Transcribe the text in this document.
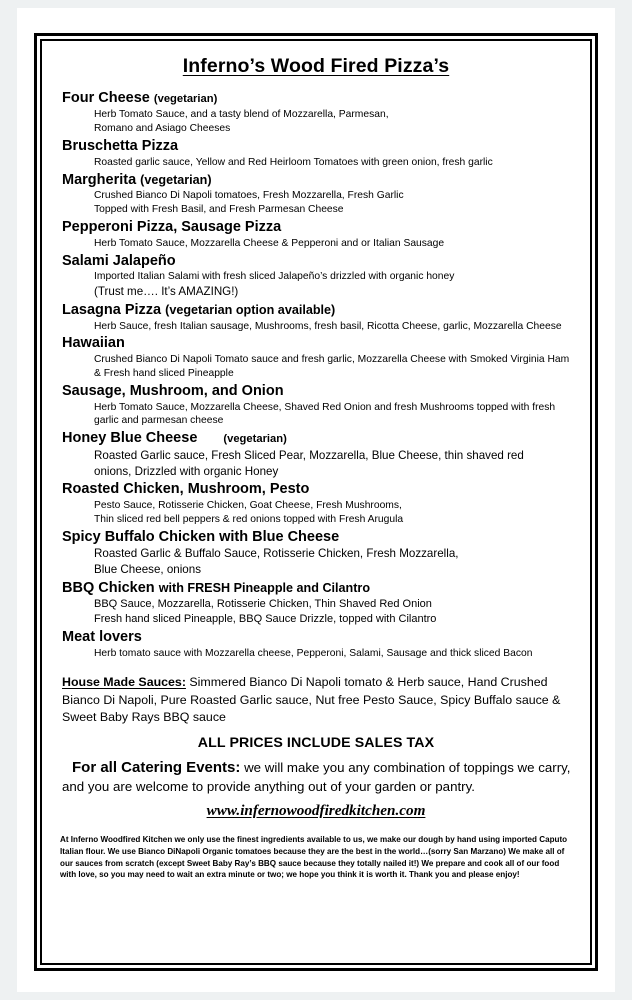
Inferno’s Wood Fired Pizza’s
Four Cheese (vegetarian)
Herb Tomato Sauce, and a tasty blend of Mozzarella, Parmesan,
Romano and Asiago Cheeses
Bruschetta Pizza
Roasted garlic sauce, Yellow and Red Heirloom Tomatoes with green onion, fresh garlic
Margherita (vegetarian)
Crushed Bianco Di Napoli tomatoes, Fresh Mozzarella, Fresh Garlic
Topped with Fresh Basil, and Fresh Parmesan Cheese
Pepperoni Pizza, Sausage Pizza
Herb Tomato Sauce, Mozzarella Cheese & Pepperoni and or Italian Sausage
Salami Jalapeño
Imported Italian Salami with fresh sliced Jalapeño’s drizzled with organic honey
(Trust me…. It’s AMAZING!)
Lasagna Pizza (vegetarian option available)
Herb Sauce, fresh Italian sausage, Mushrooms, fresh basil, Ricotta Cheese, garlic, Mozzarella Cheese
Hawaiian
Crushed Bianco Di Napoli Tomato sauce and fresh garlic, Mozzarella Cheese with Smoked Virginia Ham
& Fresh hand sliced Pineapple
Sausage, Mushroom, and Onion
Herb Tomato Sauce, Mozzarella Cheese, Shaved Red Onion and fresh Mushrooms topped with fresh
garlic and parmesan cheese
Honey Blue Cheese (vegetarian)
Roasted Garlic sauce, Fresh Sliced Pear, Mozzarella, Blue Cheese, thin shaved red
onions, Drizzled with organic Honey
Roasted Chicken, Mushroom, Pesto
Pesto Sauce, Rotisserie Chicken, Goat Cheese, Fresh Mushrooms,
Thin sliced red bell peppers & red onions topped with Fresh Arugula
Spicy Buffalo Chicken with Blue Cheese
Roasted Garlic & Buffalo Sauce, Rotisserie Chicken, Fresh Mozzarella,
Blue Cheese, onions
BBQ Chicken with FRESH Pineapple and Cilantro
BBQ Sauce, Mozzarella, Rotisserie Chicken, Thin Shaved Red Onion
Fresh hand sliced Pineapple, BBQ Sauce Drizzle, topped with Cilantro
Meat lovers
Herb tomato sauce with Mozzarella cheese, Pepperoni, Salami, Sausage and thick sliced Bacon
House Made Sauces: Simmered Bianco Di Napoli tomato & Herb sauce, Hand Crushed Bianco Di Napoli, Pure Roasted Garlic sauce, Nut free Pesto Sauce, Spicy Buffalo sauce & Sweet Baby Rays BBQ sauce
ALL PRICES INCLUDE SALES TAX
For all Catering Events: we will make you any combination of toppings we carry, and you are welcome to provide anything out of your garden or pantry.
www.infernowoodfiredkitchen.com
At Inferno Woodfired Kitchen we only use the finest ingredients available to us, we make our dough by hand using imported Caputo Italian flour. We use Bianco DiNapoli Organic tomatoes because they are the best in the world…(sorry San Marzano) We make all of our sauces from scratch (except Sweet Baby Ray’s BBQ sauce because they totally nailed it!) We prepare and cook all of our food with love, so you may need to wait an extra minute or two; we hope you think it is worth it. Thank you and please enjoy!
